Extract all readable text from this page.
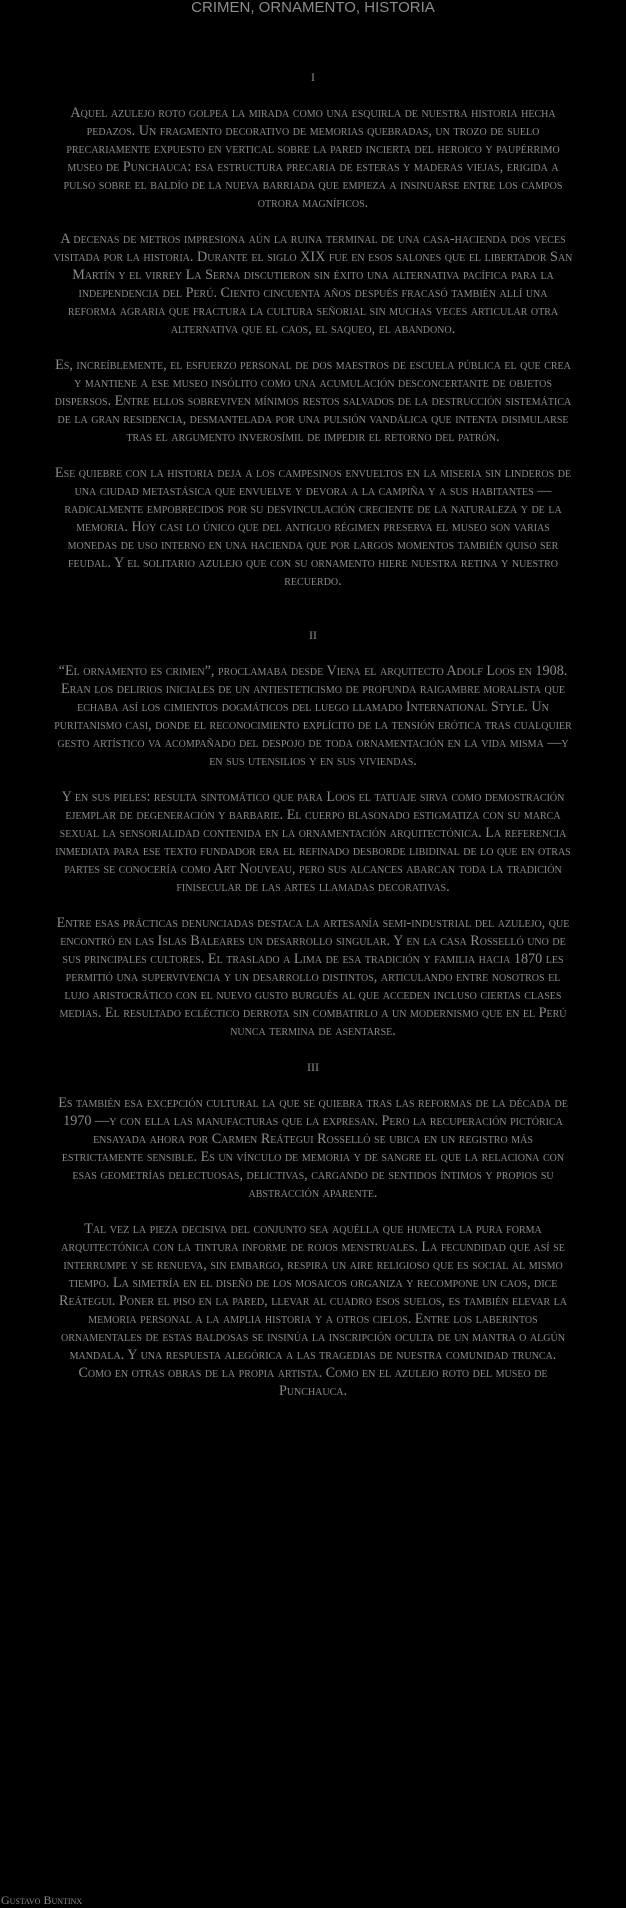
CRIMEN, ORNAMENTO, HISTORIA

I

Aquel azulejo roto golpea la mirada como una esquirla de nuestra historia hecha pedazos. Un fragmento decorativo de memorias quebradas, un trozo de suelo precariamente expuesto en vertical sobre la pared incierta del heroico y paupérrimo museo de Punchauca: esa estructura precaria de esteras y maderas viejas, erigida a pulso sobre el baldío de la nueva barriada que empieza a insinuarse entre los campos otrora magníficos.

A decenas de metros impresiona aún la ruina terminal de una casa-hacienda dos veces visitada por la historia. Durante el siglo XIX fue en esos salones que el libertador San Martín y el virrey La Serna discutieron sin éxito una alternativa pacífica para la independencia del Perú. Ciento cincuenta años después fracasó también allí una reforma agraria que fractura la cultura señorial sin muchas veces articular otra alternativa que el caos, el saqueo, el abandono.

Es, increíblemente, el esfuerzo personal de dos maestros de escuela pública el que crea y mantiene a ese museo insólito como una acumulación desconcertante de objetos dispersos. Entre ellos sobreviven mínimos restos salvados de la destrucción sistemática de la gran residencia, desmantelada por una pulsión vandálica que intenta disimularse tras el argumento inverosímil de impedir el retorno del patrón.

Ese quiebre con la historia deja a los campesinos envueltos en la miseria sin linderos de una ciudad metastásica que envuelve y devora a la campiña y a sus habitantes —radicalmente empobrecidos por su desvinculación creciente de la naturaleza y de la memoria. Hoy casi lo único que del antiguo régimen preserva el museo son varias monedas de uso interno en una hacienda que por largos momentos también quiso ser feudal. Y el solitario azulejo que con su ornamento hiere nuestra retina y nuestro recuerdo.

II

“El ornamento es crimen”, proclamaba desde Viena el arquitecto Adolf Loos en 1908. Eran los delirios iniciales de un antiesteticismo de profunda raigambre moralista que echaba así los cimientos dogmáticos del luego llamado International Style. Un puritanismo casi, donde el reconocimiento explícito de la tensión erótica tras cualquier gesto artístico va acompañado del despojo de toda ornamentación en la vida misma —y en sus utensilios y en sus viviendas.

Y en sus pieles: resulta sintomático que para Loos el tatuaje sirva como demostración ejemplar de degeneración y barbarie. El cuerpo blasonado estigmatiza con su marca sexual la sensorialidad contenida en la ornamentación arquitectónica. La referencia inmediata para ese texto fundador era el refinado desborde libidinal de lo que en otras partes se conocería como Art Nouveau, pero sus alcances abarcan toda la tradición finisecular de las artes llamadas decorativas.

Entre esas prácticas denunciadas destaca la artesanía semi-industrial del azulejo, que encontró en las Islas Baleares un desarrollo singular. Y en la casa Rosselló uno de sus principales cultores. El traslado a Lima de esa tradición y familia hacia 1870 les permitió una supervivencia y un desarrollo distintos, articulando entre nosotros el lujo aristocrático con el nuevo gusto burgués al que acceden incluso ciertas clases medias. El resultado ecléctico derrota sin combatirlo a un modernismo que en el Perú nunca termina de asentarse.

III

Es también esa excepción cultural la que se quiebra tras las reformas de la década de 1970 —y con ella las manufacturas que la expresan. Pero la recuperación pictórica ensayada ahora por Carmen Reátegui Rosselló se ubica en un registro más estrictamente sensible. Es un vínculo de memoria y de sangre el que la relaciona con esas geometrías delectuosas, delictivas, cargando de sentidos íntimos y propios su abstracción aparente.

Tal vez la pieza decisiva del conjunto sea aquélla que humecta la pura forma arquitectónica con la tintura informe de rojos menstruales. La fecundidad que así se interrumpe y se renueva, sin embargo, respira un aire religioso que es social al mismo tiempo. La simetría en el diseño de los mosaicos organiza y recompone un caos, dice Reátegui. Poner el piso en la pared, llevar al cuadro esos suelos, es también elevar la memoria personal a la amplia historia y a otros cielos. Entre los laberintos ornamentales de estas baldosas se insinúa la inscripción oculta de un mantra o algún mandala. Y una respuesta alegórica a las tragedias de nuestra comunidad trunca. Como en otras obras de la propia artista. Como en el azulejo roto del museo de Punchauca.

Gustavo Buntinx
